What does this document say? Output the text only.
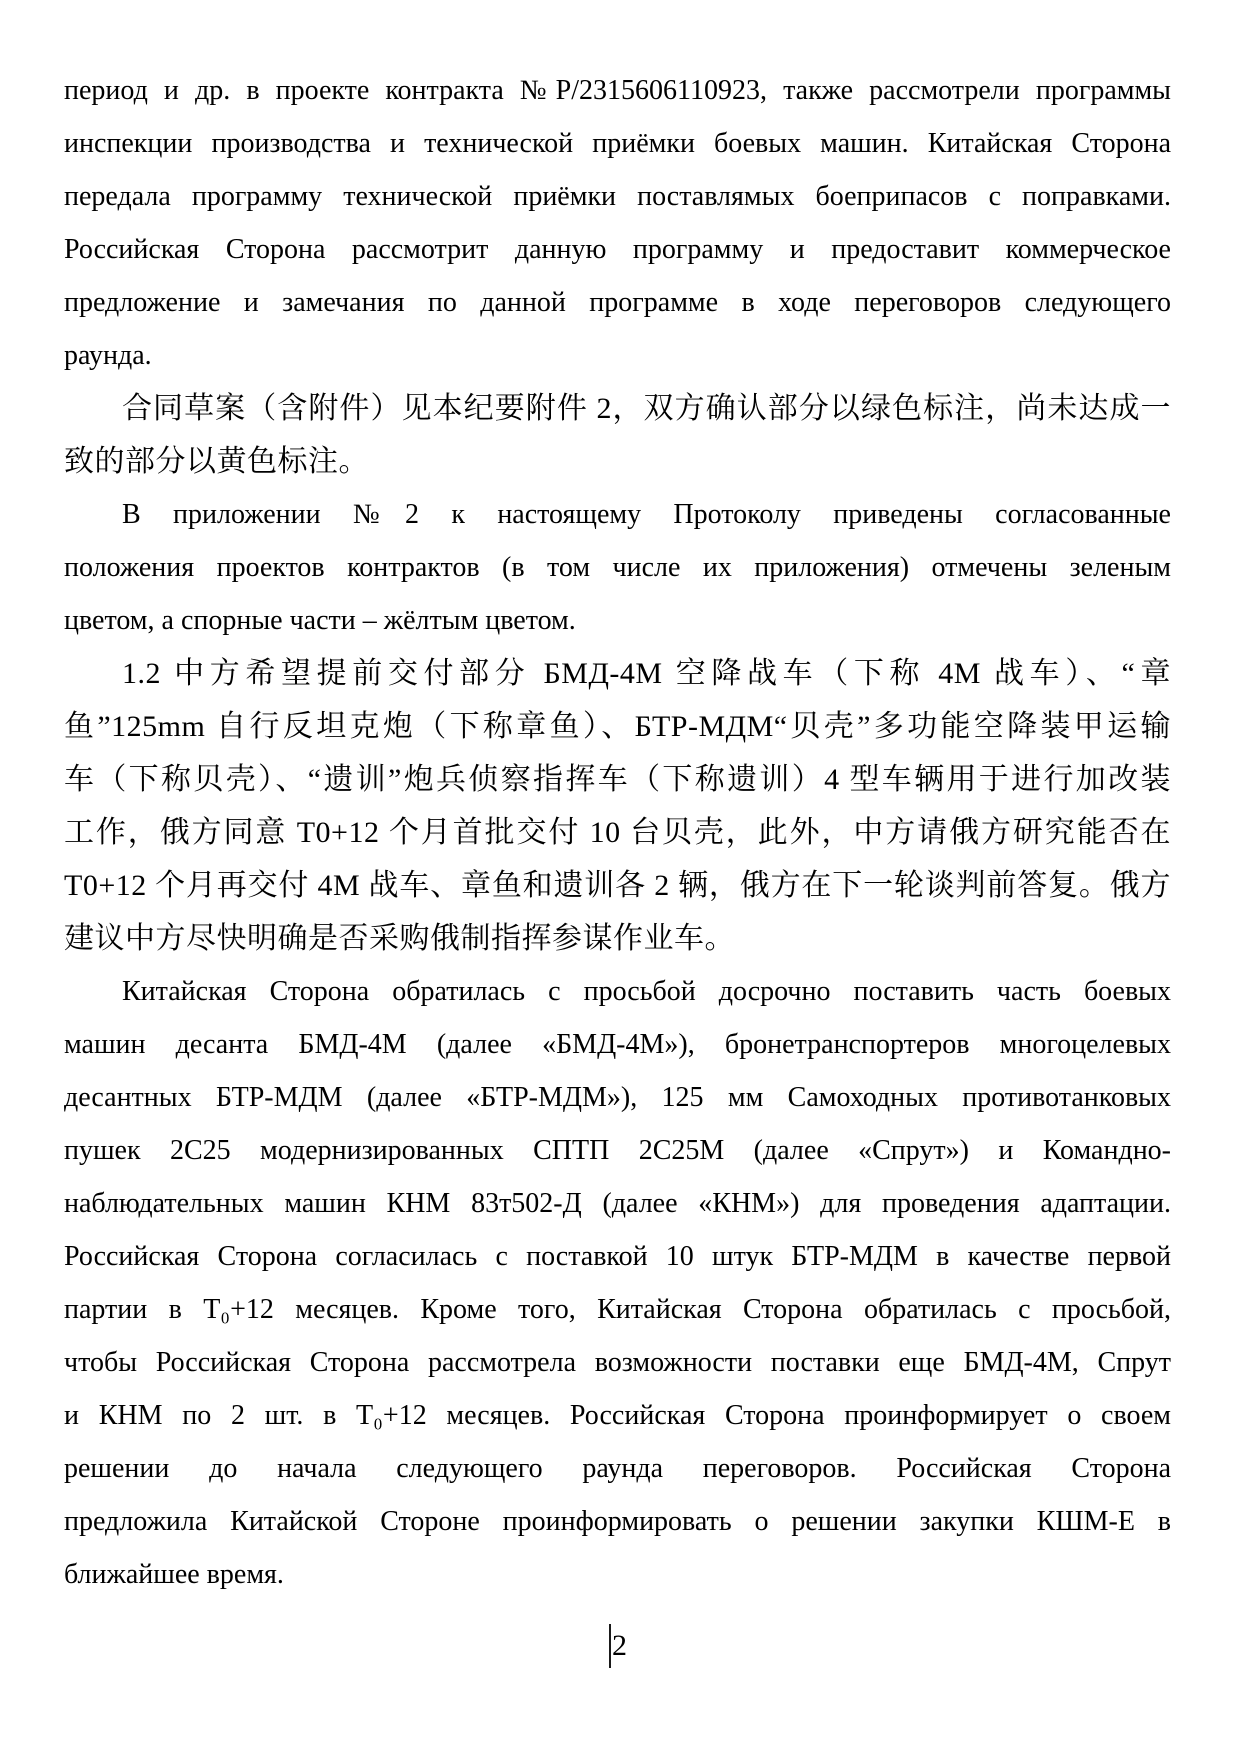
период и др. в проекте контракта №Р/2315606110923, также рассмотрели программы
инспекции производства и технической приёмки боевых машин. Китайская Сторона
передала программу технической приёмки поставлямых боеприпасов с поправками.
Российская Сторона рассмотрит данную программу и предоставит коммерческое
предложение и замечания по данной программе в ходе переговоров следующего
раунда.
合同草案（含附件）见本纪要附件 2，双方确认部分以绿色标注，尚未达成一
致的部分以黄色标注。
В приложении №2 к настоящему Протоколу приведены согласованные
положения проектов контрактов (в том числе их приложения) отмечены зеленым
цветом, а спорные части – жёлтым цветом.
1.2 中方希望提前交付部分 БМД-4М 空降战车（下称 4M 战车）、“章
鱼”125mm 自行反坦克炮（下称章鱼）、БТР-МДМ“贝壳”多功能空降装甲运输
车（下称贝壳）、“遗训”炮兵侦察指挥车（下称遗训）4 型车辆用于进行加改装
工作，俄方同意 T0+12 个月首批交付 10 台贝壳，此外，中方请俄方研究能否在
T0+12 个月再交付 4M 战车、章鱼和遗训各 2 辆，俄方在下一轮谈判前答复。俄方
建议中方尽快明确是否采购俄制指挥参谋作业车。
Китайская Сторона обратилась с просьбой досрочно поставить часть боевых
машин десанта БМД-4М (далее «БМД-4М»), бронетранспортеров многоцелевых
десантных БТР-МДМ (далее «БТР-МДМ»), 125 мм Самоходных противотанковых
пушек 2С25 модернизированных СПТП 2С25М (далее «Спрут») и Командно-
наблюдательных машин КНМ 83т502-Д (далее «КНМ») для проведения адаптации.
Российская Сторона согласилась с поставкой 10 штук БТР-МДМ в качестве первой
партии в Т₀+12 месяцев. Кроме того, Китайская Сторона обратилась с просьбой,
чтобы Российская Сторона рассмотрела возможности поставки еще БМД-4М, Спрут
и КНМ по 2 шт. в Т₀+12 месяцев. Российская Сторона проинформирует о своем
решении до начала следующего раунда переговоров. Российская Сторона
предложила Китайской Стороне проинформировать о решении закупки КШМ-Е в
ближайшее время.
2
